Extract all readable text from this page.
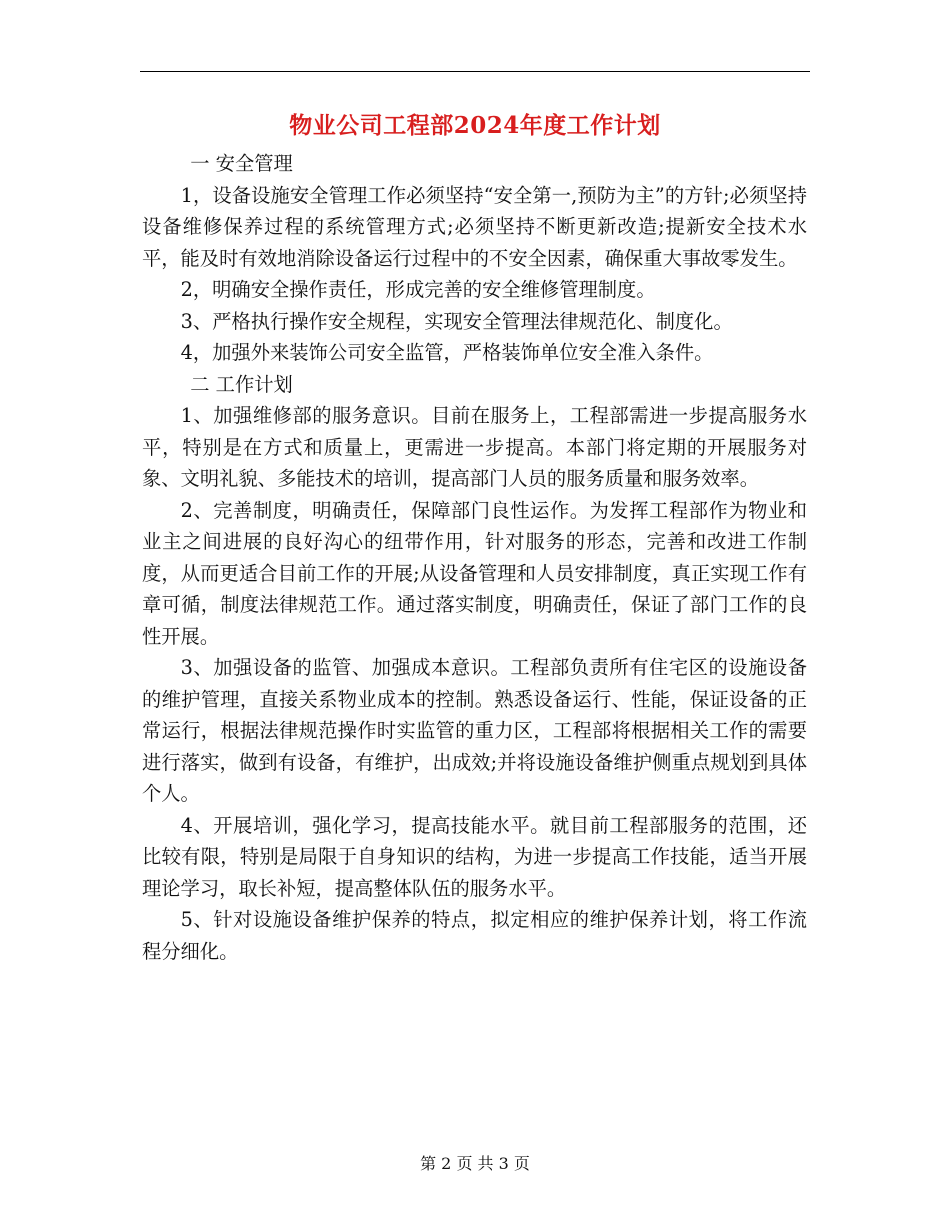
物业公司工程部2024年度工作计划

一 安全管理

1，设备设施安全管理工作必须坚持“安全第一,预防为主”的方针;必须坚持设备维修保养过程的系统管理方式;必须坚持不断更新改造;提新安全技术水平，能及时有效地消除设备运行过程中的不安全因素，确保重大事故零发生。

2，明确安全操作责任，形成完善的安全维修管理制度。

3、严格执行操作安全规程，实现安全管理法律规范化、制度化。

4，加强外来装饰公司安全监管，严格装饰单位安全准入条件。

二 工作计划

1、加强维修部的服务意识。目前在服务上，工程部需进一步提高服务水平，特别是在方式和质量上，更需进一步提高。本部门将定期的开展服务对象、文明礼貌、多能技术的培训，提高部门人员的服务质量和服务效率。

2、完善制度，明确责任，保障部门良性运作。为发挥工程部作为物业和业主之间进展的良好沟心的纽带作用，针对服务的形态，完善和改进工作制度，从而更适合目前工作的开展;从设备管理和人员安排制度，真正实现工作有章可循，制度法律规范工作。通过落实制度，明确责任，保证了部门工作的良性开展。

3、加强设备的监管、加强成本意识。工程部负责所有住宅区的设施设备的维护管理，直接关系物业成本的控制。熟悉设备运行、性能，保证设备的正常运行，根据法律规范操作时实监管的重力区，工程部将根据相关工作的需要进行落实，做到有设备，有维护，出成效;并将设施设备维护侧重点规划到具体个人。

4、开展培训，强化学习，提高技能水平。就目前工程部服务的范围，还比较有限，特别是局限于自身知识的结构，为进一步提高工作技能，适当开展理论学习，取长补短，提高整体队伍的服务水平。

5、针对设施设备维护保养的特点，拟定相应的维护保养计划，将工作流程分细化。

第 2 页 共 3 页
